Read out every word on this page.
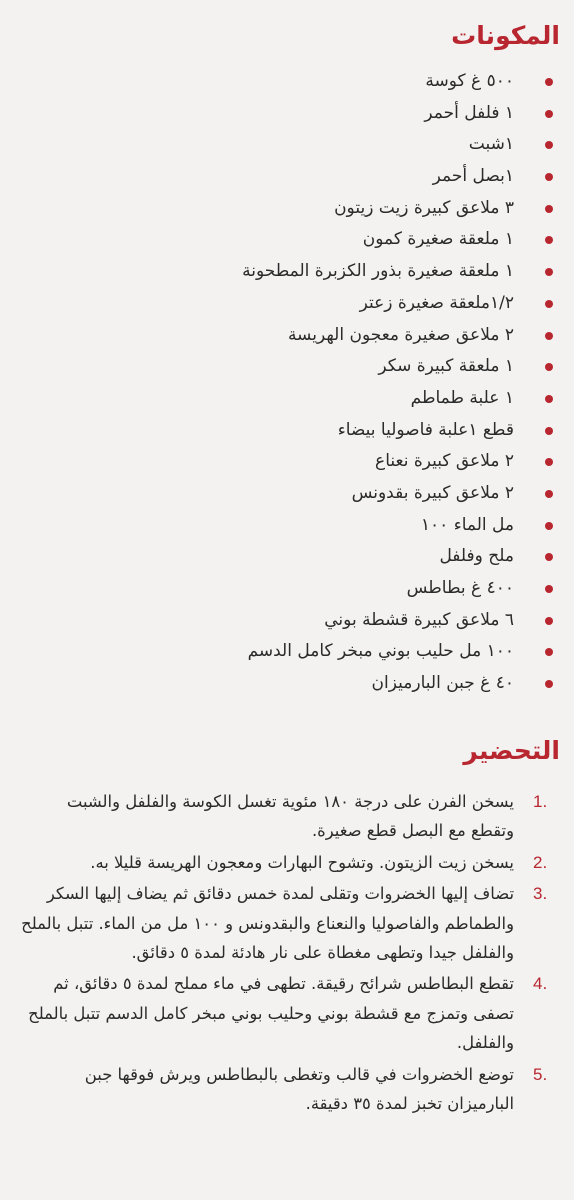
المكونات
٥٠٠ غ كوسة
١ فلفل أحمر
١شبت
١بصل أحمر
٣ ملاعق كبيرة زيت زيتون
١ ملعقة صغيرة كمون
١ ملعقة صغيرة بذور الكزبرة المطحونة
١/٢ملعقة صغيرة زعتر
٢ ملاعق صغيرة معجون الهريسة
١ ملعقة كبيرة سكر
١ علبة طماطم
قطع ١علبة فاصوليا بيضاء
٢ ملاعق كبيرة نعناع
٢ ملاعق كبيرة بقدونس
مل الماء ١٠٠
ملح وفلفل
٤٠٠ غ بطاطس
٦ ملاعق كبيرة قشطة بوني
١٠٠ مل حليب بوني مبخر كامل الدسم
٤٠ غ جبن البارميزان
التحضير
1.
يسخن الفرن على درجة ١٨٠ مئوية تغسل الكوسة والفلفل والشبت وتقطع مع البصل قطع صغيرة.
2.
يسخن زيت الزيتون. وتشوح البهارات ومعجون الهريسة قليلا به.
3.
تضاف إليها الخضروات وتقلى لمدة خمس دقائق ثم يضاف إليها السكر والطماطم والفاصوليا والنعناع والبقدونس و ١٠٠ مل من الماء. تتبل بالملح والفلفل جيدا وتطهى مغطاة على نار هادئة لمدة ٥ دقائق.
4.
تقطع البطاطس شرائح رقيقة. تطهى في ماء مملح لمدة ٥ دقائق، ثم تصفى وتمزج مع قشطة بوني وحليب بوني مبخر كامل الدسم تتبل بالملح والفلفل.
5.
توضع الخضروات في قالب وتغطى بالبطاطس ويرش فوقها جبن البارميزان تخبز لمدة ٣٥ دقيقة.
